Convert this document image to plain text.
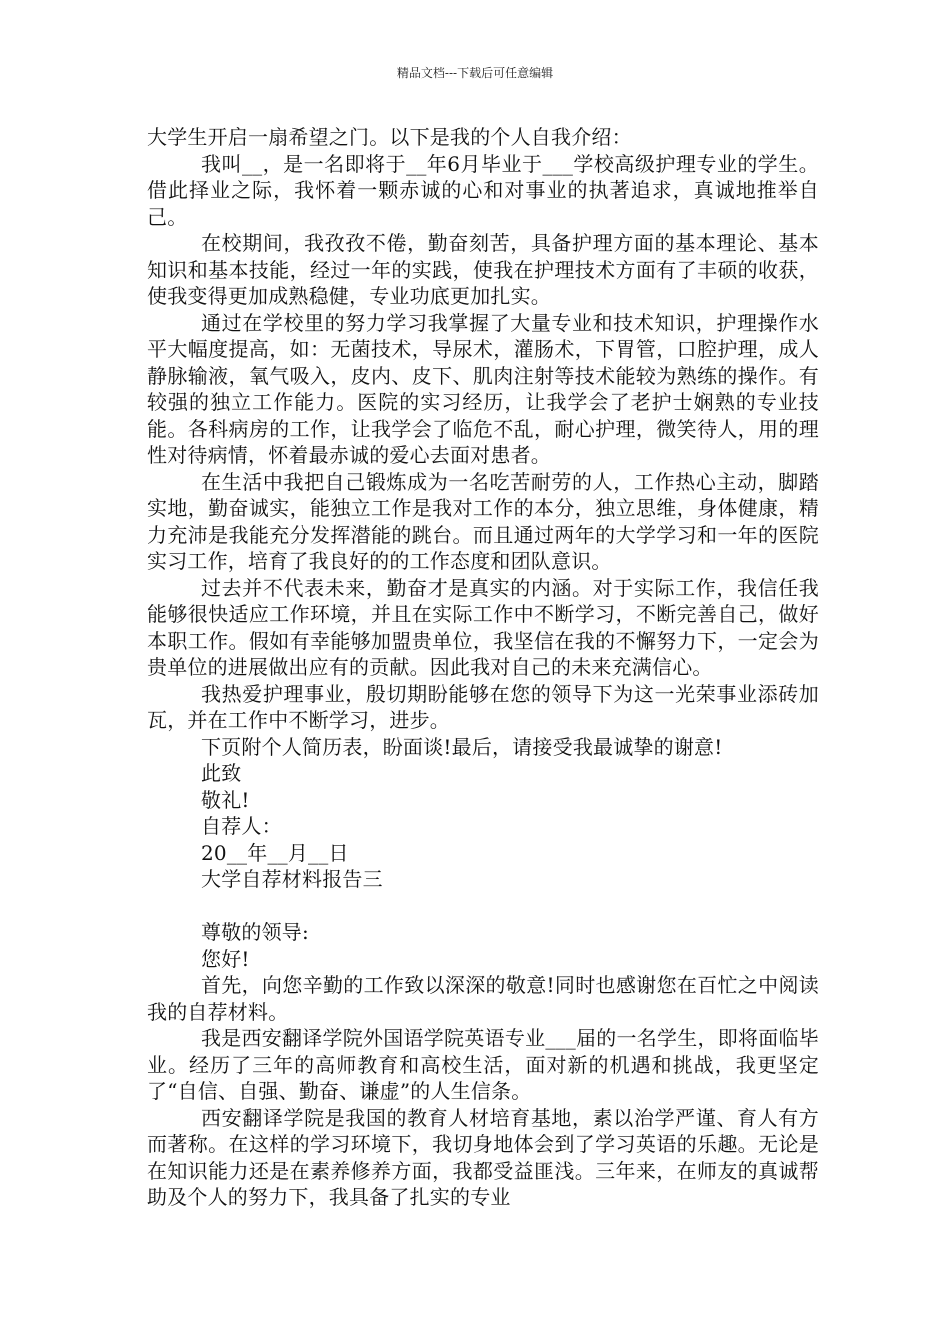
精品文档---下载后可任意编辑

大学生开启一扇希望之门。以下是我的个人自我介绍：

我叫__，是一名即将于__年6月毕业于___学校高级护理专业的学生。借此择业之际，我怀着一颗赤诚的心和对事业的执著追求，真诚地推举自己。

在校期间，我孜孜不倦，勤奋刻苦，具备护理方面的基本理论、基本知识和基本技能，经过一年的实践，使我在护理技术方面有了丰硕的收获，使我变得更加成熟稳健，专业功底更加扎实。

通过在学校里的努力学习我掌握了大量专业和技术知识，护理操作水平大幅度提高，如：无菌技术，导尿术，灌肠术，下胃管，口腔护理，成人静脉输液，氧气吸入，皮内、皮下、肌肉注射等技术能较为熟练的操作。有较强的独立工作能力。医院的实习经历，让我学会了老护士娴熟的专业技能。各科病房的工作，让我学会了临危不乱，耐心护理，微笑待人，用的理性对待病情，怀着最赤诚的爱心去面对患者。

在生活中我把自己锻炼成为一名吃苦耐劳的人，工作热心主动，脚踏实地，勤奋诚实，能独立工作是我对工作的本分，独立思维，身体健康，精力充沛是我能充分发挥潜能的跳台。而且通过两年的大学学习和一年的医院实习工作，培育了我良好的的工作态度和团队意识。

过去并不代表未来，勤奋才是真实的内涵。对于实际工作，我信任我能够很快适应工作环境，并且在实际工作中不断学习，不断完善自己，做好本职工作。假如有幸能够加盟贵单位，我坚信在我的不懈努力下，一定会为贵单位的进展做出应有的贡献。因此我对自己的未来充满信心。

我热爱护理事业，殷切期盼能够在您的领导下为这一光荣事业添砖加瓦，并在工作中不断学习，进步。

下页附个人简历表，盼面谈!最后，请接受我最诚挚的谢意!

此致

敬礼!

自荐人：

20__年__月__日

大学自荐材料报告三

尊敬的领导:

您好!

首先，向您辛勤的工作致以深深的敬意!同时也感谢您在百忙之中阅读我的自荐材料。

我是西安翻译学院外国语学院英语专业___届的一名学生，即将面临毕业。经历了三年的高师教育和高校生活，面对新的机遇和挑战，我更坚定了“自信、自强、勤奋、谦虚”的人生信条。

西安翻译学院是我国的教育人材培育基地，素以治学严谨、育人有方而著称。在这样的学习环境下，我切身地体会到了学习英语的乐趣。无论是在知识能力还是在素养修养方面，我都受益匪浅。三年来，在师友的真诚帮助及个人的努力下，我具备了扎实的专业
